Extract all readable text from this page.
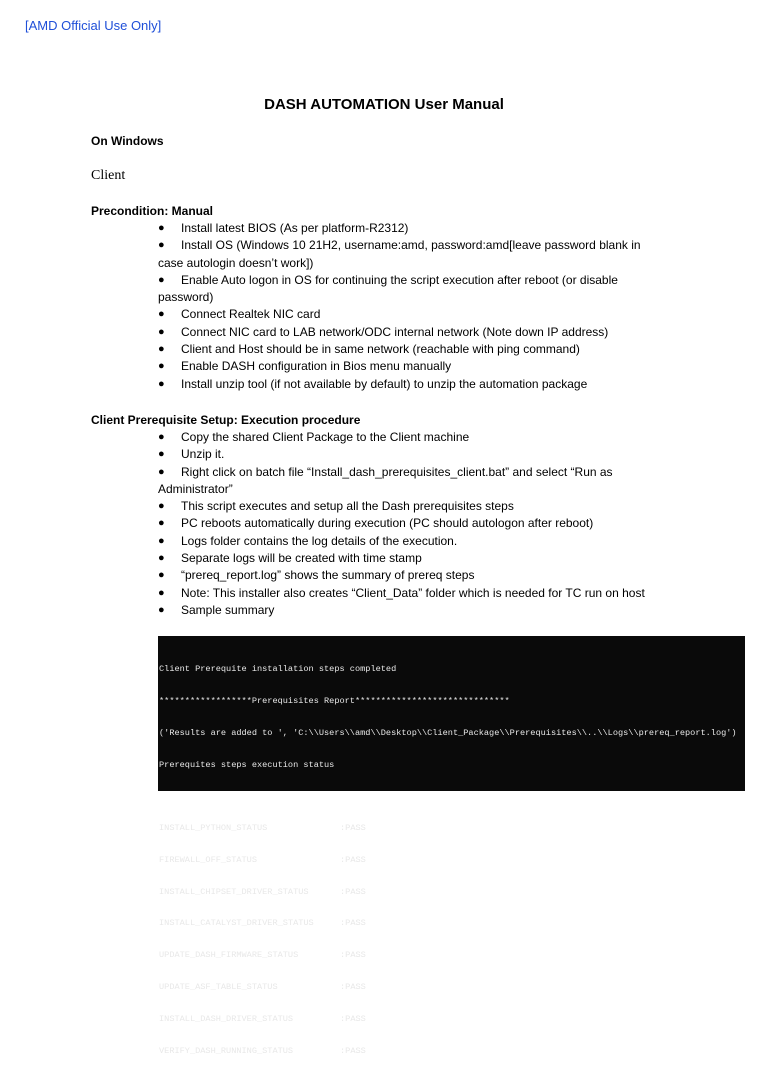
[AMD Official Use Only]
DASH AUTOMATION User Manual
On Windows
Client
Precondition: Manual
● Install latest BIOS (As per platform-R2312)
● Install OS (Windows 10 21H2, username:amd, password:amd[leave password blank in
case autologin doesn’t work])
● Enable Auto logon in OS for continuing the script execution after reboot (or disable
password)
● Connect Realtek NIC card
● Connect NIC card to LAB network/ODC internal network (Note down IP address)
● Client and Host should be in same network (reachable with ping command)
● Enable DASH configuration in Bios menu manually
● Install unzip tool (if not available by default) to unzip the automation package
Client Prerequisite Setup: Execution procedure
● Copy the shared Client Package to the Client machine
● Unzip it.
● Right click on batch file “Install_dash_prerequisites_client.bat” and select “Run as
Administrator”
● This script executes and setup all the Dash prerequisites steps
● PC reboots automatically during execution (PC should autologon after reboot)
● Logs folder contains the log details of the execution.
● Separate logs will be created with time stamp
● “prereq_report.log” shows the summary of prereq steps
● Note: This installer also creates “Client_Data” folder which is needed for TC run on host
● Sample summary

Client Prerequite installation steps completed

******************Prerequisites Report******************************

('Results are added to ', 'C:\\Users\\amd\\Desktop\\Client_Package\\Prerequisites\\..\\Logs\\prereq_report.log')

Prerequites steps execution status

INSTALL_PYTHON_STATUS	:PASS

FIREWALL_OFF_STATUS	:PASS

INSTALL_CHIPSET_DRIVER_STATUS	:PASS

INSTALL_CATALYST_DRIVER_STATUS	:PASS

UPDATE_DASH_FIRMWARE_STATUS	:PASS

UPDATE_ASF_TABLE_STATUS	:PASS

INSTALL_DASH_DRIVER_STATUS	:PASS

VERIFY_DASH_RUNNING_STATUS	:PASS
